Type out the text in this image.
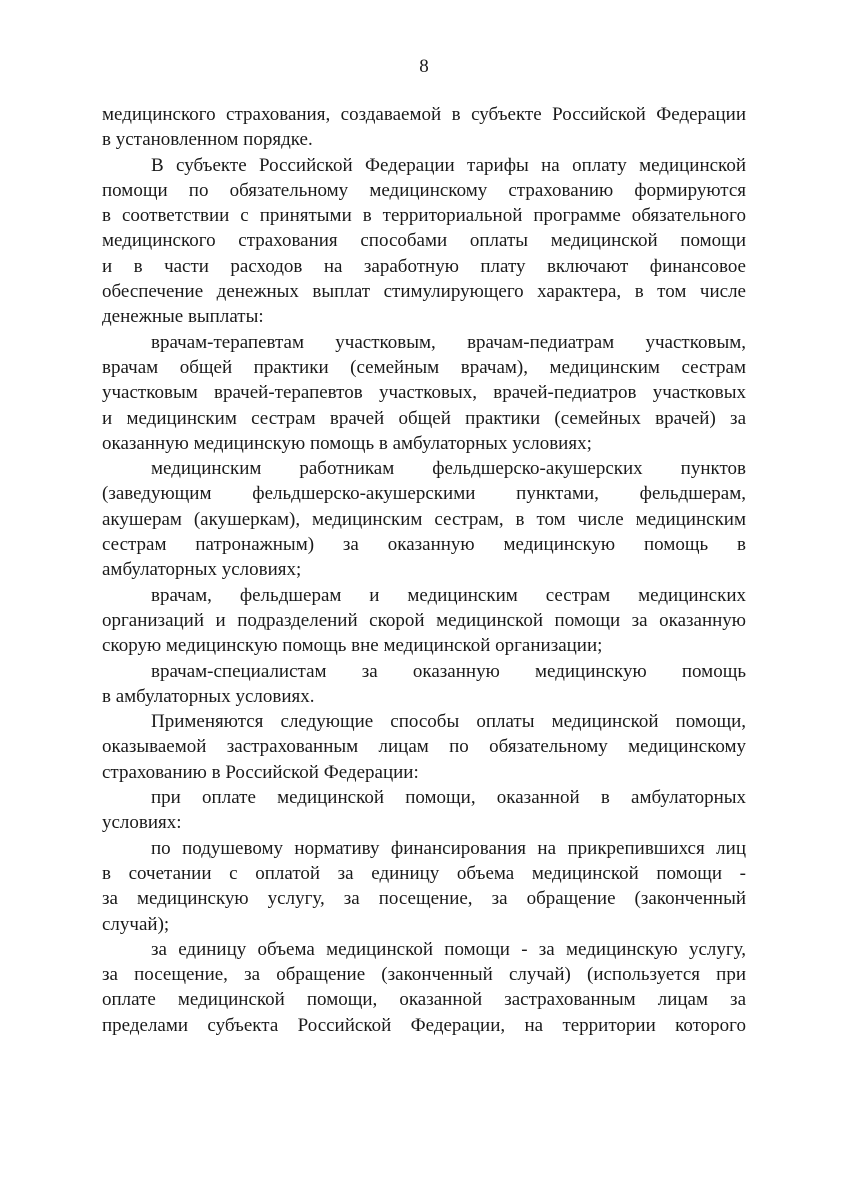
8
медицинского страхования, создаваемой в субъекте Российской Федерации
в установленном порядке.
В субъекте Российской Федерации тарифы на оплату медицинской
помощи по обязательному медицинскому страхованию формируются
в соответствии с принятыми в территориальной программе обязательного
медицинского страхования способами оплаты медицинской помощи
и в части расходов на заработную плату включают финансовое
обеспечение денежных выплат стимулирующего характера, в том числе
денежные выплаты:
врачам-терапевтам участковым, врачам-педиатрам участковым,
врачам общей практики (семейным врачам), медицинским сестрам
участковым врачей-терапевтов участковых, врачей-педиатров участковых
и медицинским сестрам врачей общей практики (семейных врачей) за
оказанную медицинскую помощь в амбулаторных условиях;
медицинским работникам фельдшерско-акушерских пунктов
(заведующим фельдшерско-акушерскими пунктами, фельдшерам,
акушерам (акушеркам), медицинским сестрам, в том числе медицинским
сестрам патронажным) за оказанную медицинскую помощь в
амбулаторных условиях;
врачам, фельдшерам и медицинским сестрам медицинских
организаций и подразделений скорой медицинской помощи за оказанную
скорую медицинскую помощь вне медицинской организации;
врачам-специалистам за оказанную медицинскую помощь
в амбулаторных условиях.
Применяются следующие способы оплаты медицинской помощи,
оказываемой застрахованным лицам по обязательному медицинскому
страхованию в Российской Федерации:
при оплате медицинской помощи, оказанной в амбулаторных
условиях:
по подушевому нормативу финансирования на прикрепившихся лиц
в сочетании с оплатой за единицу объема медицинской помощи -
за медицинскую услугу, за посещение, за обращение (законченный
случай);
за единицу объема медицинской помощи - за медицинскую услугу,
за посещение, за обращение (законченный случай) (используется при
оплате медицинской помощи, оказанной застрахованным лицам за
пределами субъекта Российской Федерации, на территории которого
